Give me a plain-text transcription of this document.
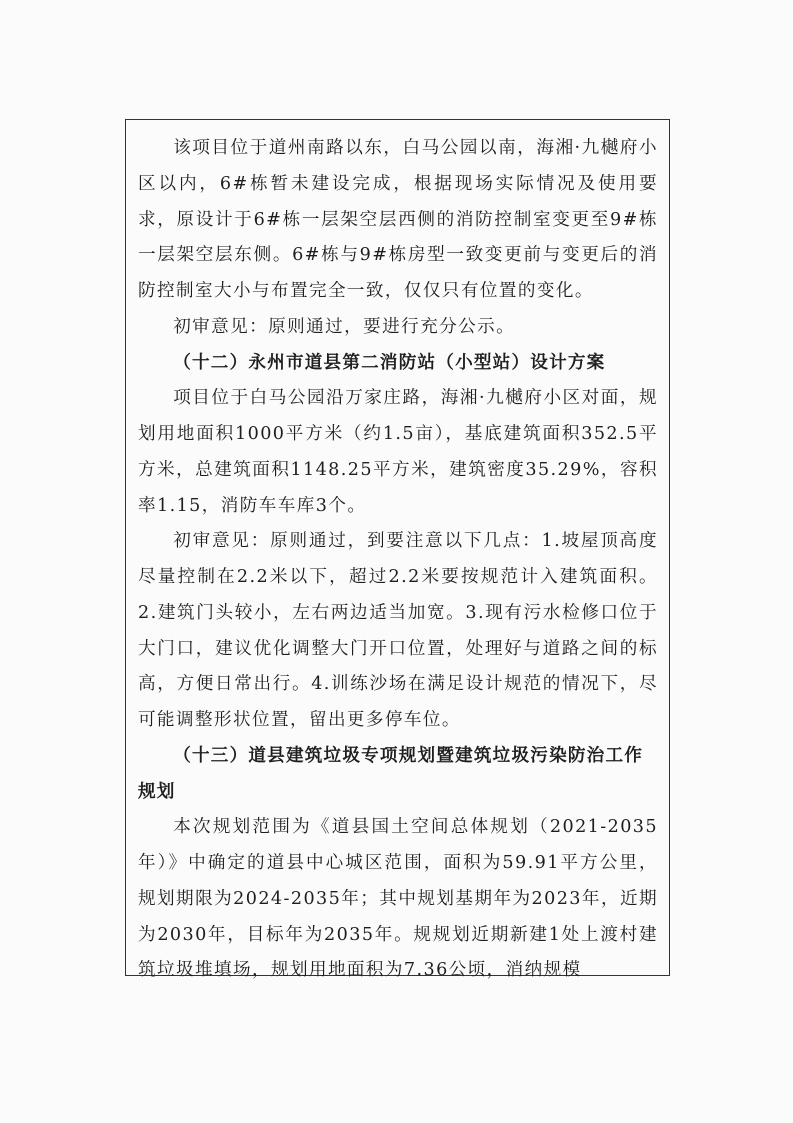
该项目位于道州南路以东，白马公园以南，海湘·九樾府小区以内，6#栋暂未建设完成，根据现场实际情况及使用要求，原设计于6#栋一层架空层西侧的消防控制室变更至9#栋一层架空层东侧。6#栋与9#栋房型一致变更前与变更后的消防控制室大小与布置完全一致，仅仅只有位置的变化。

初审意见：原则通过，要进行充分公示。

（十二）永州市道县第二消防站（小型站）设计方案

项目位于白马公园沿万家庄路，海湘·九樾府小区对面，规划用地面积1000平方米（约1.5亩），基底建筑面积352.5平方米，总建筑面积1148.25平方米，建筑密度35.29%，容积率1.15，消防车车库3个。

初审意见：原则通过，到要注意以下几点：1.坡屋顶高度尽量控制在2.2米以下，超过2.2米要按规范计入建筑面积。2.建筑门头较小，左右两边适当加宽。3.现有污水检修口位于大门口，建议优化调整大门开口位置，处理好与道路之间的标高，方便日常出行。4.训练沙场在满足设计规范的情况下，尽可能调整形状位置，留出更多停车位。

（十三）道县建筑垃圾专项规划暨建筑垃圾污染防治工作规划

本次规划范围为《道县国土空间总体规划（2021-2035年）》中确定的道县中心城区范围，面积为59.91平方公里，规划期限为2024-2035年；其中规划基期年为2023年，近期为2030年，目标年为2035年。规规划近期新建1处上渡村建筑垃圾堆填场，规划用地面积为7.36公顷，消纳规模
